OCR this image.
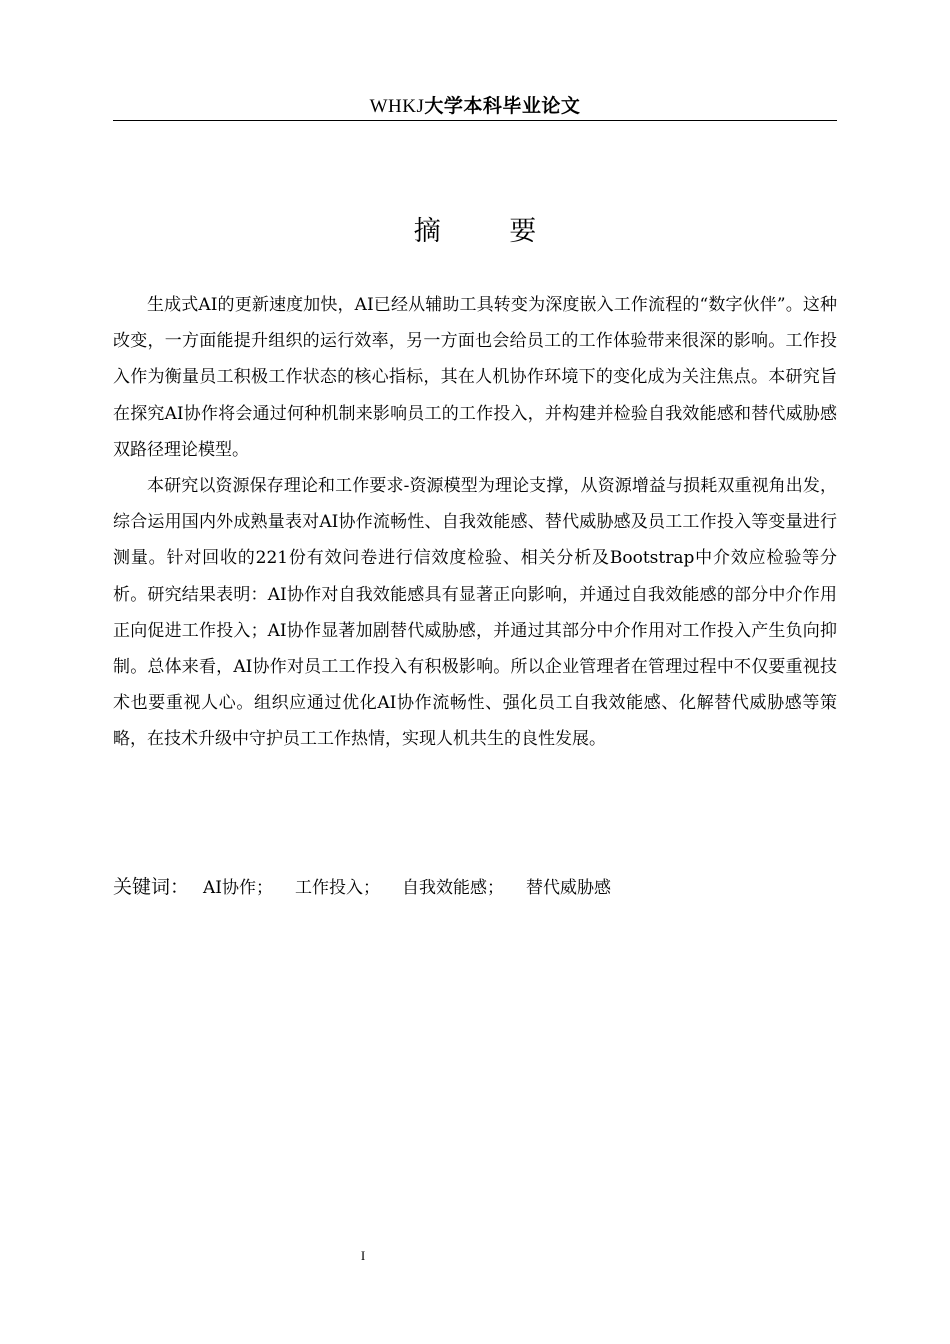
WHKJ大学本科毕业论文
摘 要

生成式AI的更新速度加快，AI已经从辅助工具转变为深度嵌入工作流程的“数字伙伴”。这种改变，一方面能提升组织的运行效率，另一方面也会给员工的工作体验带来很深的影响。工作投入作为衡量员工积极工作状态的核心指标，其在人机协作环境下的变化成为关注焦点。本研究旨在探究AI协作将会通过何种机制来影响员工的工作投入，并构建并检验自我效能感和替代威胁感双路径理论模型。

本研究以资源保存理论和工作要求-资源模型为理论支撑，从资源增益与损耗双重视角出发，综合运用国内外成熟量表对AI协作流畅性、自我效能感、替代威胁感及员工工作投入等变量进行测量。针对回收的221份有效问卷进行信效度检验、相关分析及Bootstrap中介效应检验等分析。研究结果表明：AI协作对自我效能感具有显著正向影响，并通过自我效能感的部分中介作用正向促进工作投入；AI协作显著加剧替代威胁感，并通过其部分中介作用对工作投入产生负向抑制。总体来看，AI协作对员工工作投入有积极影响。所以企业管理者在管理过程中不仅要重视技术也要重视人心。组织应通过优化AI协作流畅性、强化员工自我效能感、化解替代威胁感等策略，在技术升级中守护员工工作热情，实现人机共生的良性发展。

关键词： AI协作； 工作投入； 自我效能感； 替代威胁感
I
